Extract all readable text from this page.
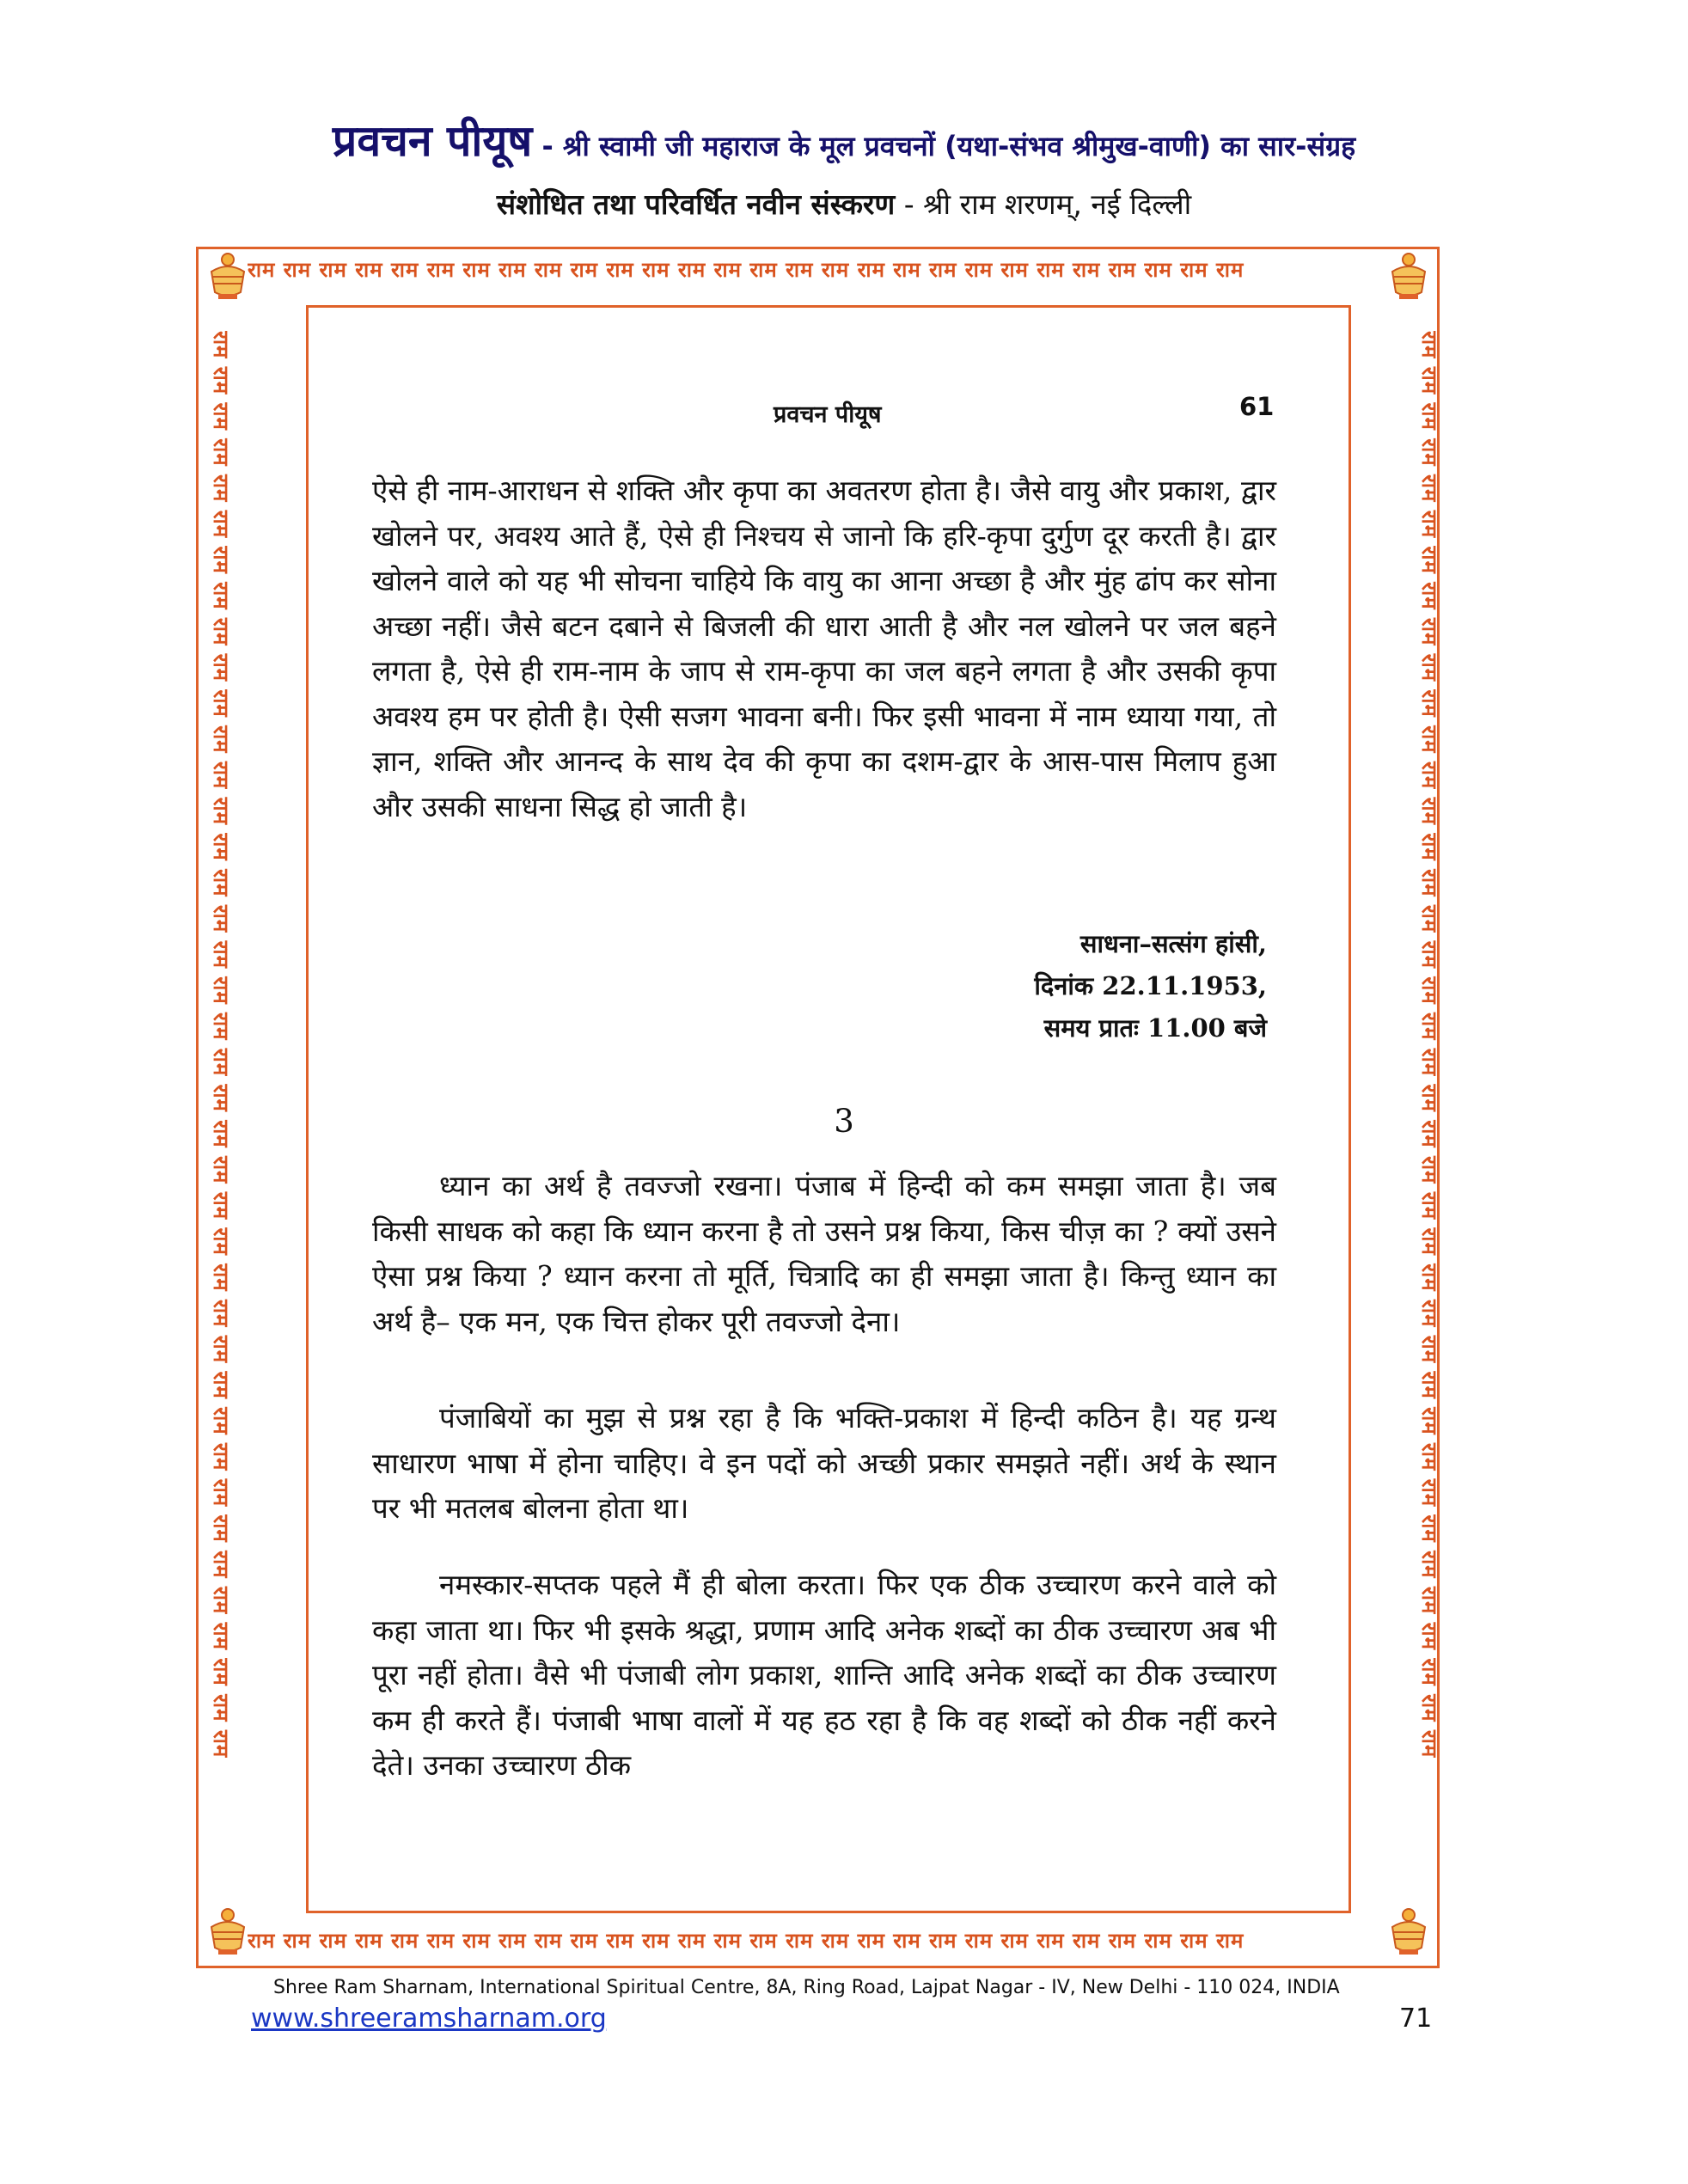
प्रवचन पीयूष - श्री स्वामी जी महाराज के मूल प्रवचनों (यथा-संभव श्रीमुख-वाणी) का सार-संग्रह
संशोधित तथा परिवर्धित नवीन संस्करण - श्री राम शरणम्, नई दिल्ली
राम राम राम राम राम राम राम राम राम राम राम राम राम राम राम राम राम राम राम राम राम राम राम राम राम राम राम राम
राम राम राम राम राम राम राम राम राम राम राम राम राम राम राम राम राम राम राम राम राम राम राम राम राम राम राम राम
राम राम राम राम राम राम राम राम राम राम राम राम राम राम राम राम राम राम राम राम राम राम राम राम राम राम राम राम राम राम राम राम राम राम राम राम राम राम राम राम	राम राम राम राम राम राम राम राम राम राम राम राम राम राम राम राम राम राम राम राम राम राम राम राम राम राम राम राम राम राम राम राम राम राम राम राम राम राम राम राम
प्रवचन पीयूष	61
ऐसे ही नाम-आराधन से शक्ति और कृपा का अवतरण होता है। जैसे वायु और प्रकाश, द्वार खोलने पर, अवश्य आते हैं, ऐसे ही निश्चय से जानो कि हरि-कृपा दुर्गुण दूर करती है। द्वार खोलने वाले को यह भी सोचना चाहिये कि वायु का आना अच्छा है और मुंह ढांप कर सोना अच्छा नहीं। जैसे बटन दबाने से बिजली की धारा आती है और नल खोलने पर जल बहने लगता है, ऐसे ही राम-नाम के जाप से राम-कृपा का जल बहने लगता है और उसकी कृपा अवश्य हम पर होती है। ऐसी सजग भावना बनी। फिर इसी भावना में नाम ध्याया गया, तो ज्ञान, शक्ति और आनन्द के साथ देव की कृपा का दशम-द्वार के आस-पास मिलाप हुआ और उसकी साधना सिद्ध हो जाती है।
साधना–सत्संग हांसी,
दिनांक 22.11.1953,
समय प्रातः 11.00 बजे
3

ध्यान का अर्थ है तवज्जो रखना। पंजाब में हिन्दी को कम समझा जाता है। जब किसी साधक को कहा कि ध्यान करना है तो उसने प्रश्न किया, किस चीज़ का ? क्यों उसने ऐसा प्रश्न किया ? ध्यान करना तो मूर्ति, चित्रादि का ही समझा जाता है। किन्तु ध्यान का अर्थ है– एक मन, एक चित्त होकर पूरी तवज्जो देना।

पंजाबियों का मुझ से प्रश्न रहा है कि भक्ति-प्रकाश में हिन्दी कठिन है। यह ग्रन्थ साधारण भाषा में होना चाहिए। वे इन पदों को अच्छी प्रकार समझते नहीं। अर्थ के स्थान पर भी मतलब बोलना होता था।

नमस्कार-सप्तक पहले मैं ही बोला करता। फिर एक ठीक उच्चारण करने वाले को कहा जाता था। फिर भी इसके श्रद्धा, प्रणाम आदि अनेक शब्दों का ठीक उच्चारण अब भी पूरा नहीं होता। वैसे भी पंजाबी लोग प्रकाश, शान्ति आदि अनेक शब्दों का ठीक उच्चारण कम ही करते हैं। पंजाबी भाषा वालों में यह हठ रहा है कि वह शब्दों को ठीक नहीं करने देते। उनका उच्चारण ठीक

Shree Ram Sharnam, International Spiritual Centre, 8A, Ring Road, Lajpat Nagar - IV, New Delhi - 110 024, INDIA
www.shreeramsharnam.org	71
